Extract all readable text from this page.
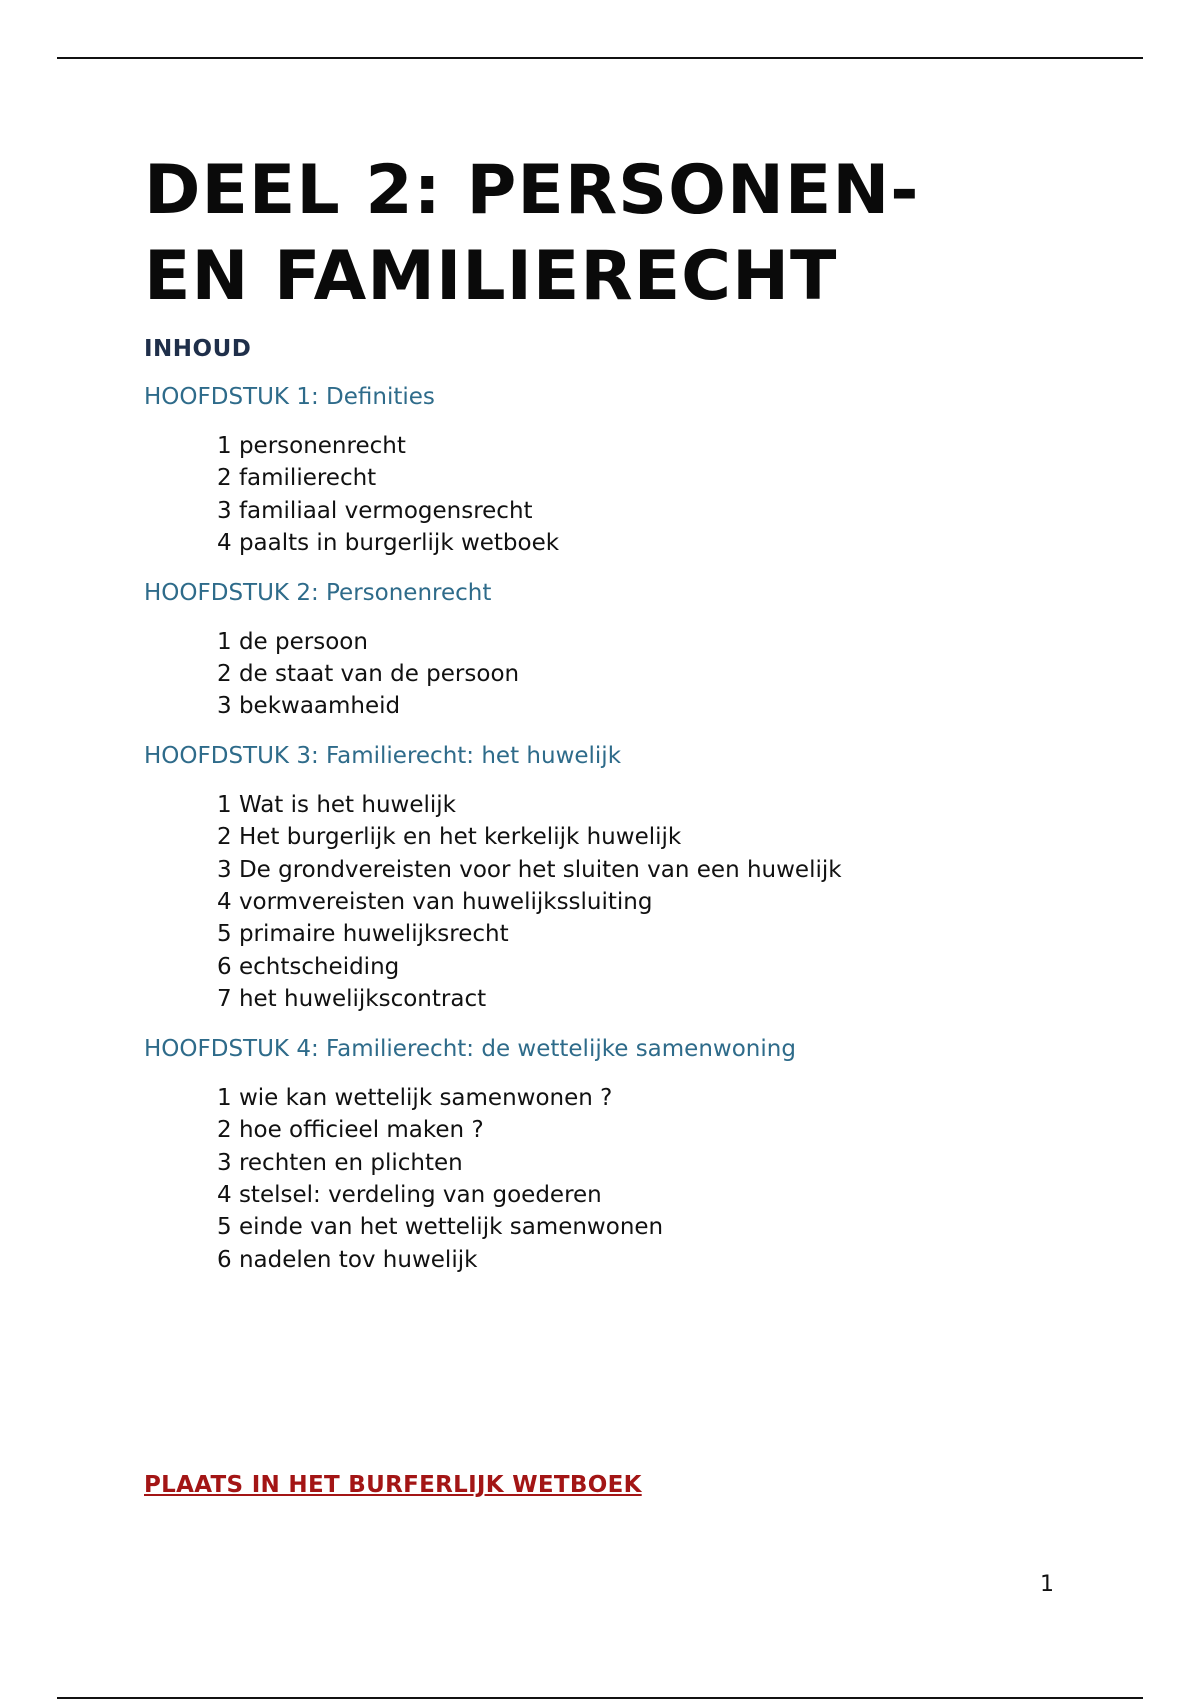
DEEL 2: PERSONEN-
EN FAMILIERECHT
INHOUD
HOOFDSTUK 1: Definities
1 personenrecht
2 familierecht
3 familiaal vermogensrecht
4 paalts in burgerlijk wetboek
HOOFDSTUK 2: Personenrecht
1 de persoon
2 de staat van de persoon
3 bekwaamheid
HOOFDSTUK 3: Familierecht: het huwelijk
1 Wat is het huwelijk
2 Het burgerlijk en het kerkelijk huwelijk
3 De grondvereisten voor het sluiten van een huwelijk
4 vormvereisten van huwelijkssluiting
5 primaire huwelijksrecht
6 echtscheiding
7 het huwelijkscontract
HOOFDSTUK 4: Familierecht: de wettelijke samenwoning
1 wie kan wettelijk samenwonen ?
2 hoe officieel maken ?
3 rechten en plichten
4 stelsel: verdeling van goederen
5 einde van het wettelijk samenwonen
6 nadelen tov huwelijk
PLAATS IN HET BURFERLIJK WETBOEK
1
